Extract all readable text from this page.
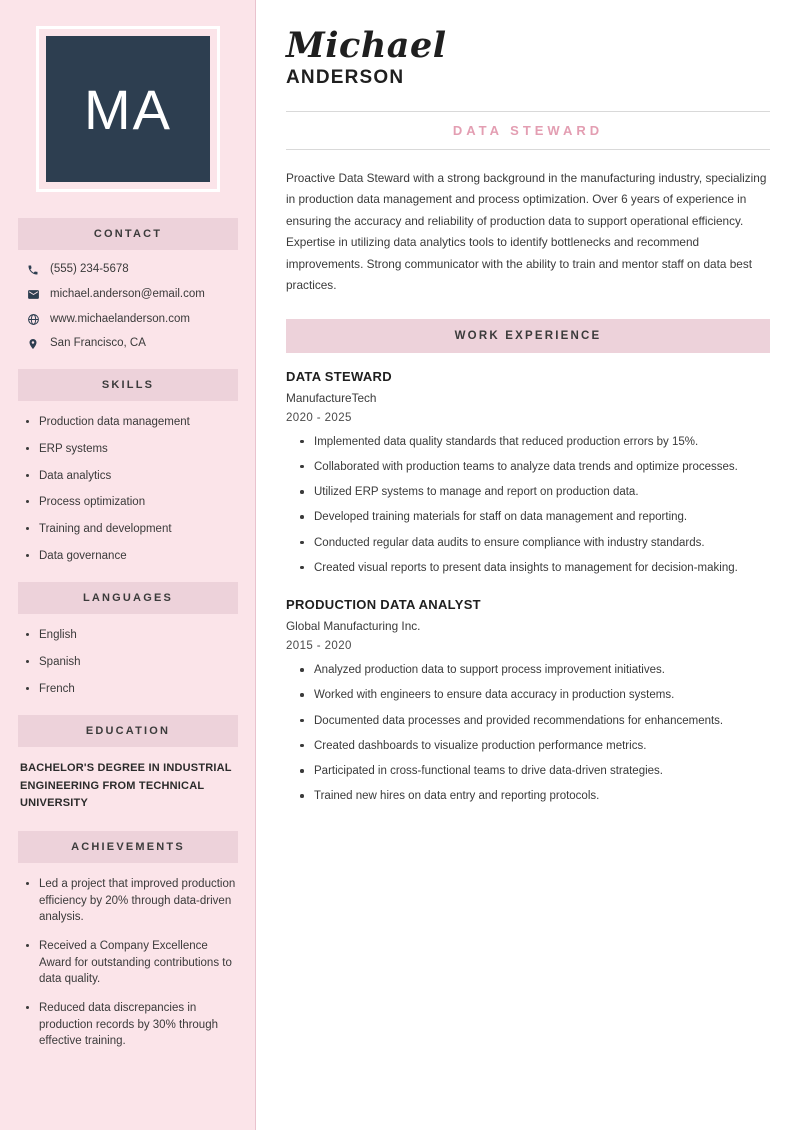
MA
CONTACT
(555) 234-5678
michael.anderson@email.com
www.michaelanderson.com
San Francisco, CA
SKILLS
Production data management
ERP systems
Data analytics
Process optimization
Training and development
Data governance
LANGUAGES
English
Spanish
French
EDUCATION
BACHELOR'S DEGREE IN INDUSTRIAL ENGINEERING FROM TECHNICAL UNIVERSITY
ACHIEVEMENTS
Led a project that improved production efficiency by 20% through data-driven analysis.
Received a Company Excellence Award for outstanding contributions to data quality.
Reduced data discrepancies in production records by 30% through effective training.
Michael
ANDERSON
DATA STEWARD

Proactive Data Steward with a strong background in the manufacturing industry, specializing in production data management and process optimization. Over 6 years of experience in ensuring the accuracy and reliability of production data to support operational efficiency. Expertise in utilizing data analytics tools to identify bottlenecks and recommend improvements. Strong communicator with the ability to train and mentor staff on data best practices.

WORK EXPERIENCE
DATA STEWARD
ManufactureTech
2020 - 2025
Implemented data quality standards that reduced production errors by 15%.
Collaborated with production teams to analyze data trends and optimize processes.
Utilized ERP systems to manage and report on production data.
Developed training materials for staff on data management and reporting.
Conducted regular data audits to ensure compliance with industry standards.
Created visual reports to present data insights to management for decision-making.
PRODUCTION DATA ANALYST
Global Manufacturing Inc.
2015 - 2020
Analyzed production data to support process improvement initiatives.
Worked with engineers to ensure data accuracy in production systems.
Documented data processes and provided recommendations for enhancements.
Created dashboards to visualize production performance metrics.
Participated in cross-functional teams to drive data-driven strategies.
Trained new hires on data entry and reporting protocols.
